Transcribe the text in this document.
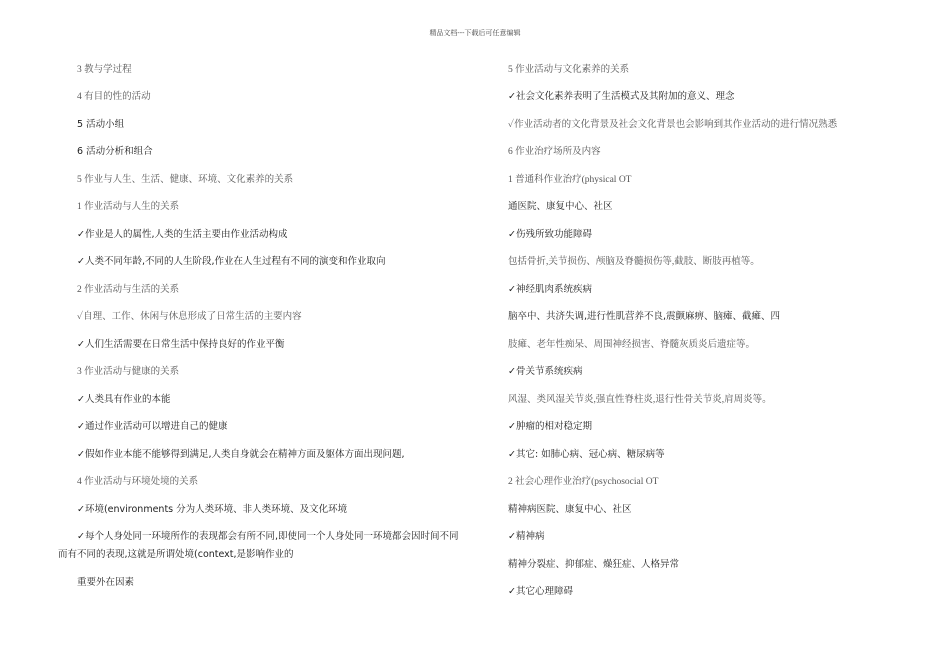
精品文档---下载后可任意编辑
3 教与学过程
4 有目的性的活动
5 活动小组
6 活动分析和组合
5 作业与人生、生活、健康、环境、文化素养的关系
1 作业活动与人生的关系
✓作业是人的属性,人类的生活主要由作业活动构成
✓人类不同年龄,不同的人生阶段,作业在人生过程有不同的演变和作业取向
2 作业活动与生活的关系
✓自理、工作、休闲与休息形成了日常生活的主要内容
✓人们生活需要在日常生活中保持良好的作业平衡
3 作业活动与健康的关系
✓人类具有作业的本能
✓通过作业活动可以增进自己的健康
✓假如作业本能不能够得到满足,人类自身就会在精神方面及躯体方面出现问题,
4 作业活动与环境处境的关系
✓环境(environments 分为人类环境、非人类环境、及文化环境
✓每个人身处同一环境所作的表现都会有所不同,即使同一个人身处同一环境都会因时间不同
而有不同的表现,这就是所谓处境(context,是影响作业的
重要外在因素
5 作业活动与文化素养的关系
✓社会文化素养表明了生活模式及其附加的意义、理念
✓作业活动者的文化背景及社会文化背景也会影响到其作业活动的进行情况熟悉
6 作业治疗场所及内容
1 普通科作业治疗(physical OT
通医院、康复中心、社区
✓伤残所致功能障碍
包括骨折,关节损伤、颅脑及脊髓损伤等,截肢、断肢再植等。
✓神经肌肉系统疾病
脑卒中、共济失调,进行性肌营养不良,震颤麻痹、脑瘫、截瘫、四
肢瘫、老年性痴呆、周围神经损害、脊髓灰质炎后遗症等。
✓骨关节系统疾病
风湿、类风湿关节炎,强直性脊柱炎,退行性骨关节炎,肩周炎等。
✓肿瘤的相对稳定期
✓其它: 如肺心病、冠心病、糖尿病等
2 社会心理作业治疗(psychosocial OT
精神病医院、康复中心、社区
✓精神病
精神分裂症、抑郁症、燥狂症、人格异常
✓其它心理障碍
